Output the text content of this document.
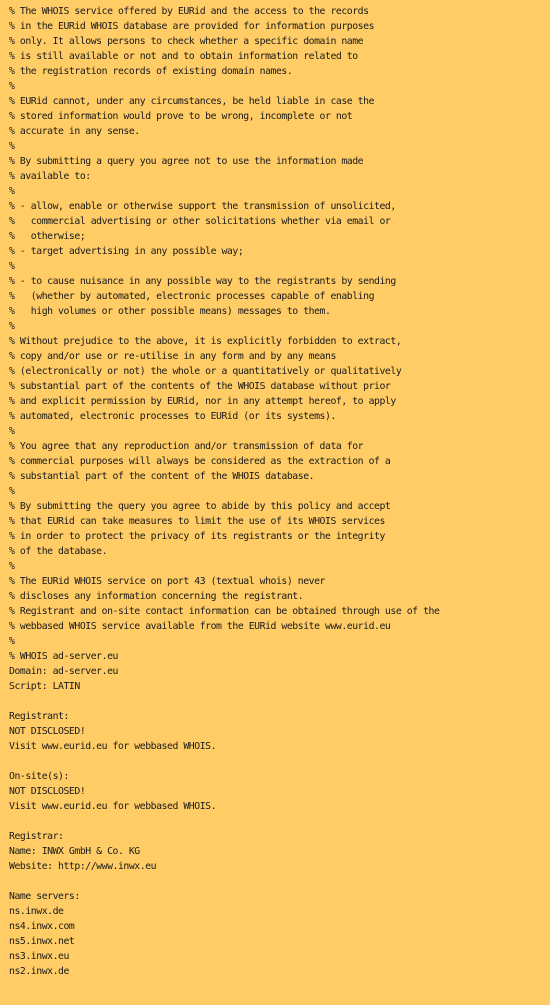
% The WHOIS service offered by EURid and the access to the records
% in the EURid WHOIS database are provided for information purposes
% only. It allows persons to check whether a specific domain name
% is still available or not and to obtain information related to
% the registration records of existing domain names.
%
% EURid cannot, under any circumstances, be held liable in case the
% stored information would prove to be wrong, incomplete or not
% accurate in any sense.
%
% By submitting a query you agree not to use the information made
% available to:
%
% - allow, enable or otherwise support the transmission of unsolicited,
%   commercial advertising or other solicitations whether via email or
%   otherwise;
% - target advertising in any possible way;
%
% - to cause nuisance in any possible way to the registrants by sending
%   (whether by automated, electronic processes capable of enabling
%   high volumes or other possible means) messages to them.
%
% Without prejudice to the above, it is explicitly forbidden to extract,
% copy and/or use or re-utilise in any form and by any means
% (electronically or not) the whole or a quantitatively or qualitatively
% substantial part of the contents of the WHOIS database without prior
% and explicit permission by EURid, nor in any attempt hereof, to apply
% automated, electronic processes to EURid (or its systems).
%
% You agree that any reproduction and/or transmission of data for
% commercial purposes will always be considered as the extraction of a
% substantial part of the content of the WHOIS database.
%
% By submitting the query you agree to abide by this policy and accept
% that EURid can take measures to limit the use of its WHOIS services
% in order to protect the privacy of its registrants or the integrity
% of the database.
%
% The EURid WHOIS service on port 43 (textual whois) never
% discloses any information concerning the registrant.
% Registrant and on-site contact information can be obtained through use of the
% webbased WHOIS service available from the EURid website www.eurid.eu
%
% WHOIS ad-server.eu
Domain: ad-server.eu
Script: LATIN
Registrant:
NOT DISCLOSED!
Visit www.eurid.eu for webbased WHOIS.
On-site(s):
NOT DISCLOSED!
Visit www.eurid.eu for webbased WHOIS.
Registrar:
Name: INWX GmbH & Co. KG
Website: http://www.inwx.eu
Name servers:
ns.inwx.de
ns4.inwx.com
ns5.inwx.net
ns3.inwx.eu
ns2.inwx.de
